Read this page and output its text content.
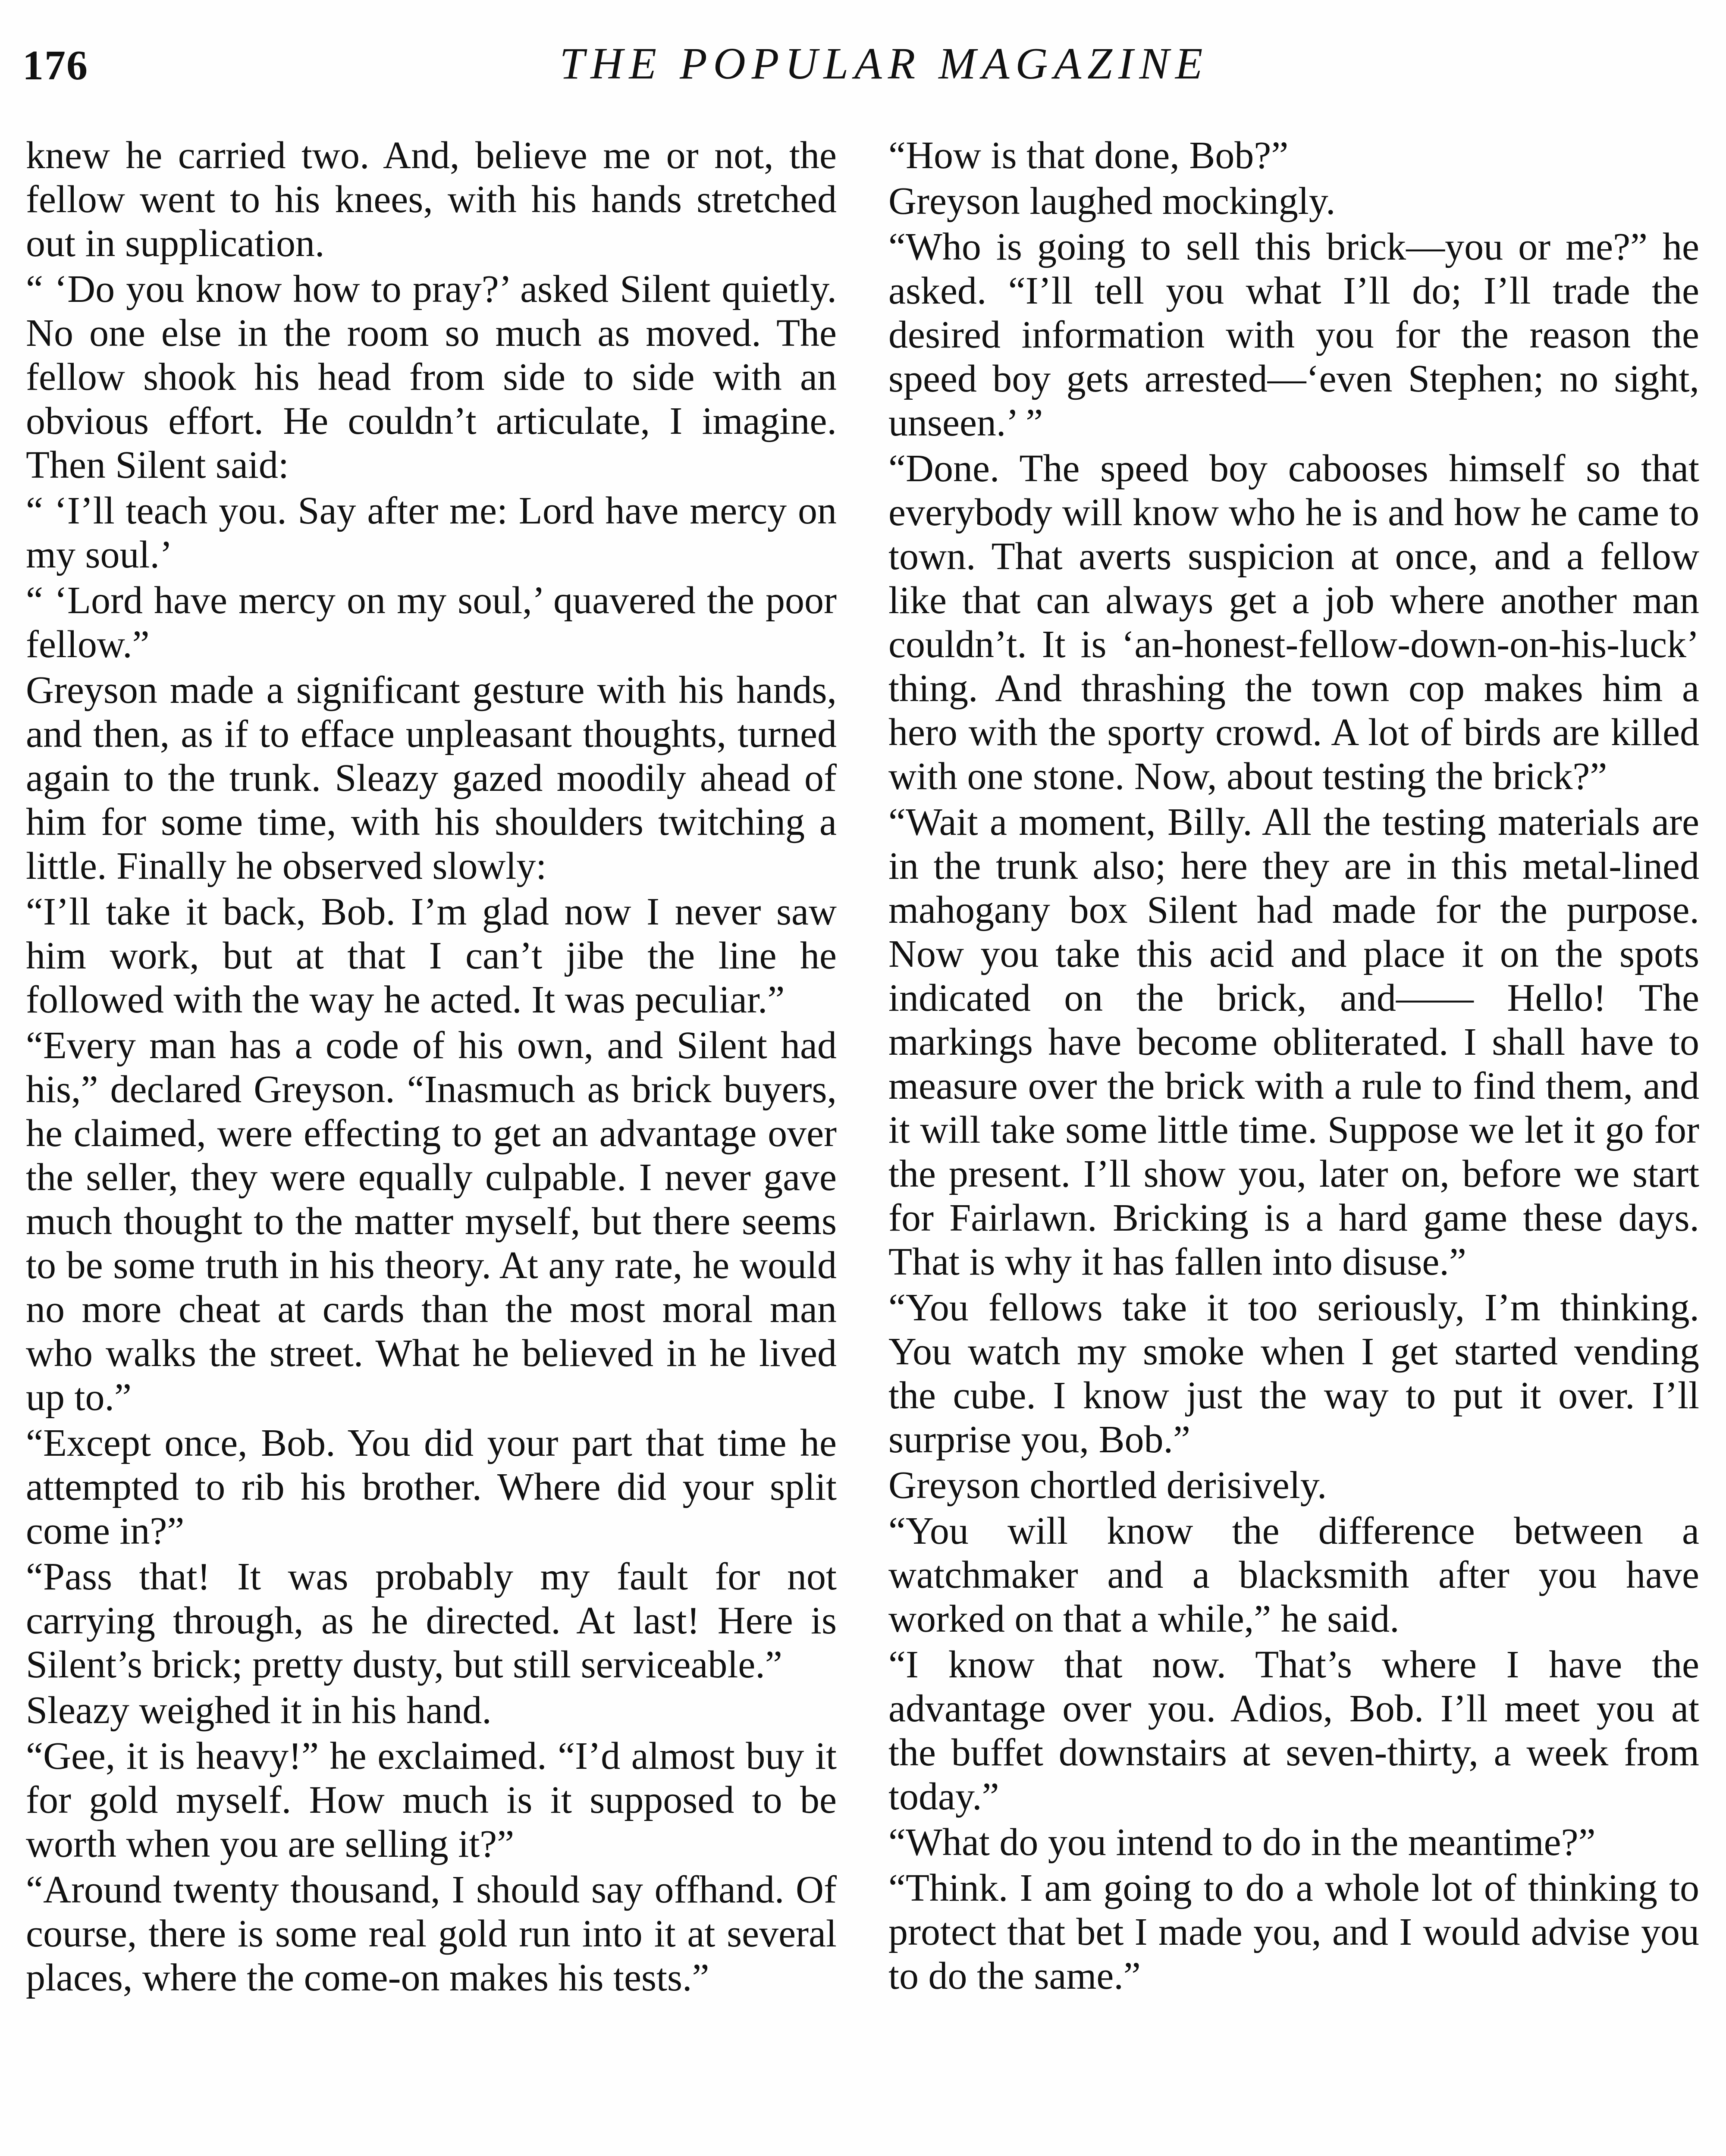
176	THE POPULAR MAGAZINE

knew he carried two. And, believe me or not, the fellow went to his knees, with his hands stretched out in supplication.

“ ‘Do you know how to pray?’ asked Silent quietly. No one else in the room so much as moved. The fellow shook his head from side to side with an obvious effort. He couldn’t articulate, I imagine. Then Silent said:

“ ‘I’ll teach you. Say after me: Lord have mercy on my soul.’

“ ‘Lord have mercy on my soul,’ quavered the poor fellow.”

Greyson made a significant gesture with his hands, and then, as if to efface unpleasant thoughts, turned again to the trunk. Sleazy gazed moodily ahead of him for some time, with his shoulders twitching a little. Finally he observed slowly:

“I’ll take it back, Bob. I’m glad now I never saw him work, but at that I can’t jibe the line he followed with the way he acted. It was peculiar.”

“Every man has a code of his own, and Silent had his,” declared Greyson. “Inasmuch as brick buyers, he claimed, were effecting to get an advantage over the seller, they were equally culpable. I never gave much thought to the matter myself, but there seems to be some truth in his theory. At any rate, he would no more cheat at cards than the most moral man who walks the street. What he believed in he lived up to.”

“Except once, Bob. You did your part that time he attempted to rib his brother. Where did your split come in?”

“Pass that! It was probably my fault for not carrying through, as he directed. At last! Here is Silent’s brick; pretty dusty, but still serviceable.”

Sleazy weighed it in his hand.

“Gee, it is heavy!” he exclaimed. “I’d almost buy it for gold myself. How much is it supposed to be worth when you are selling it?”

“Around twenty thousand, I should say offhand. Of course, there is some real gold run into it at several places, where the come-on makes his tests.”

“How is that done, Bob?”

Greyson laughed mockingly.

“Who is going to sell this brick—you or me?” he asked. “I’ll tell you what I’ll do; I’ll trade the desired information with you for the reason the speed boy gets arrested—‘even Stephen; no sight, unseen.’ ”

“Done. The speed boy cabooses himself so that everybody will know who he is and how he came to town. That averts suspicion at once, and a fellow like that can always get a job where another man couldn’t. It is ‘an-honest-fellow-down-on-his-luck’ thing. And thrashing the town cop makes him a hero with the sporty crowd. A lot of birds are killed with one stone. Now, about testing the brick?”

“Wait a moment, Billy. All the testing materials are in the trunk also; here they are in this metal-lined mahogany box Silent had made for the purpose. Now you take this acid and place it on the spots indicated on the brick, and—— Hello! The markings have become obliterated. I shall have to measure over the brick with a rule to find them, and it will take some little time. Suppose we let it go for the present. I’ll show you, later on, before we start for Fairlawn. Bricking is a hard game these days. That is why it has fallen into disuse.”

“You fellows take it too seriously, I’m thinking. You watch my smoke when I get started vending the cube. I know just the way to put it over. I’ll surprise you, Bob.”

Greyson chortled derisively.

“You will know the difference between a watchmaker and a blacksmith after you have worked on that a while,” he said.

“I know that now. That’s where I have the advantage over you. Adios, Bob. I’ll meet you at the buffet downstairs at seven-thirty, a week from today.”

“What do you intend to do in the meantime?”

“Think. I am going to do a whole lot of thinking to protect that bet I made you, and I would advise you to do the same.”
